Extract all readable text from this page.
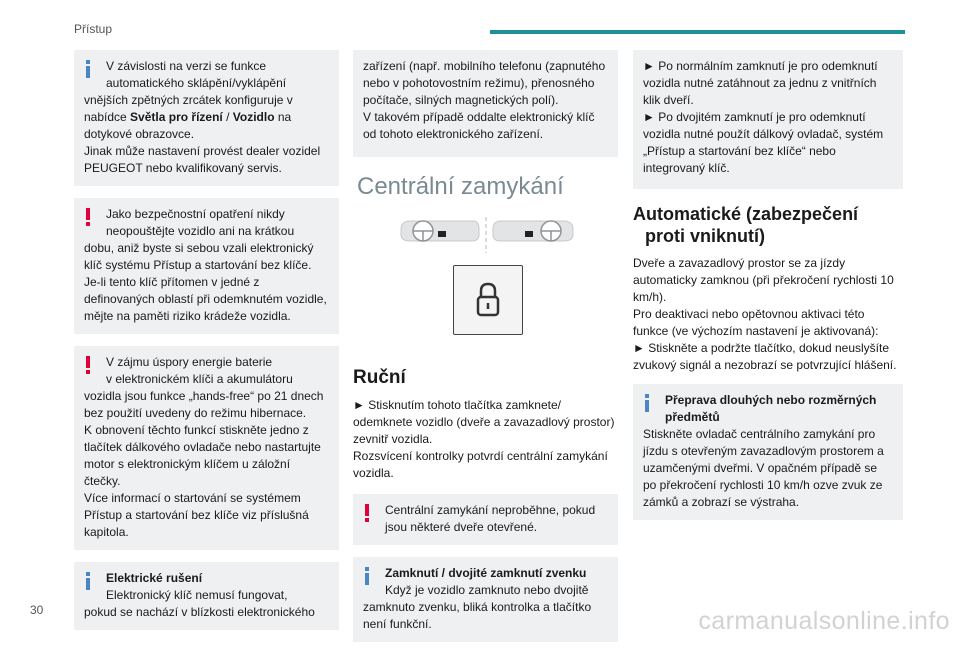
Přístup
V závislosti na verzi se funkce
automatického sklápění/vyklápění
vnějších zpětných zrcátek konfiguruje v nabídce Světla pro řízení / Vozidlo na dotykové obrazovce.
Jinak může nastavení provést dealer vozidel PEUGEOT nebo kvalifikovaný servis.
Jako bezpečnostní opatření nikdy
neopouštějte vozidlo ani na krátkou
dobu, aniž byste si sebou vzali elektronický klíč systému Přístup a startování bez klíče. Je-li tento klíč přítomen v jedné z definovaných oblastí při odemknutém vozidle, mějte na paměti riziko krádeže vozidla.
V zájmu úspory energie baterie
v elektronickém klíči a akumulátoru
vozidla jsou funkce „hands-free“ po 21 dnech bez použití uvedeny do režimu hibernace.
K obnovení těchto funkcí stiskněte jedno z tlačítek dálkového ovladače nebo nastartujte motor s elektronickým klíčem u záložní čtečky.
Více informací o startování se systémem Přístup a startování bez klíče viz příslušná kapitola.
Elektrické rušení
Elektronický klíč nemusí fungovat,
pokud se nachází v blízkosti elektronického
zařízení (např. mobilního telefonu (zapnutého nebo v pohotovostním režimu), přenosného počítače, silných magnetických polí).
V takovém případě oddalte elektronický klíč od tohoto elektronického zařízení.
Centrální zamykání
Ruční
► Stisknutím tohoto tlačítka zamknete/ odemknete vozidlo (dveře a zavazadlový prostor) zevnitř vozidla.
Rozsvícení kontrolky potvrdí centrální zamykání vozidla.
Centrální zamykání neproběhne, pokud
jsou některé dveře otevřené.
Zamknutí / dvojité zamknutí zvenku
Když je vozidlo zamknuto nebo dvojitě
zamknuto zvenku, bliká kontrolka a tlačítko není funkční.
► Po normálním zamknutí je pro odemknutí vozidla nutné zatáhnout za jednu z vnitřních klik dveří.
► Po dvojitém zamknutí je pro odemknutí vozidla nutné použít dálkový ovladač, systém „Přístup a startování bez klíče“ nebo integrovaný klíč.
Automatické (zabezpečení
proti vniknutí)
Dveře a zavazadlový prostor se za jízdy automaticky zamknou (při překročení rychlosti 10 km/h).
Pro deaktivaci nebo opětovnou aktivaci této funkce (ve výchozím nastavení je aktivovaná):
► Stiskněte a podržte tlačítko, dokud neuslyšíte zvukový signál a nezobrazí se potvrzující hlášení.
Přeprava dlouhých nebo rozměrných
předmětů
Stiskněte ovladač centrálního zamykání pro jízdu s otevřeným zavazadlovým prostorem a uzamčenými dveřmi. V opačném případě se po překročení rychlosti 10 km/h ozve zvuk ze zámků a zobrazí se výstraha.
30	carmanualsonline.info
